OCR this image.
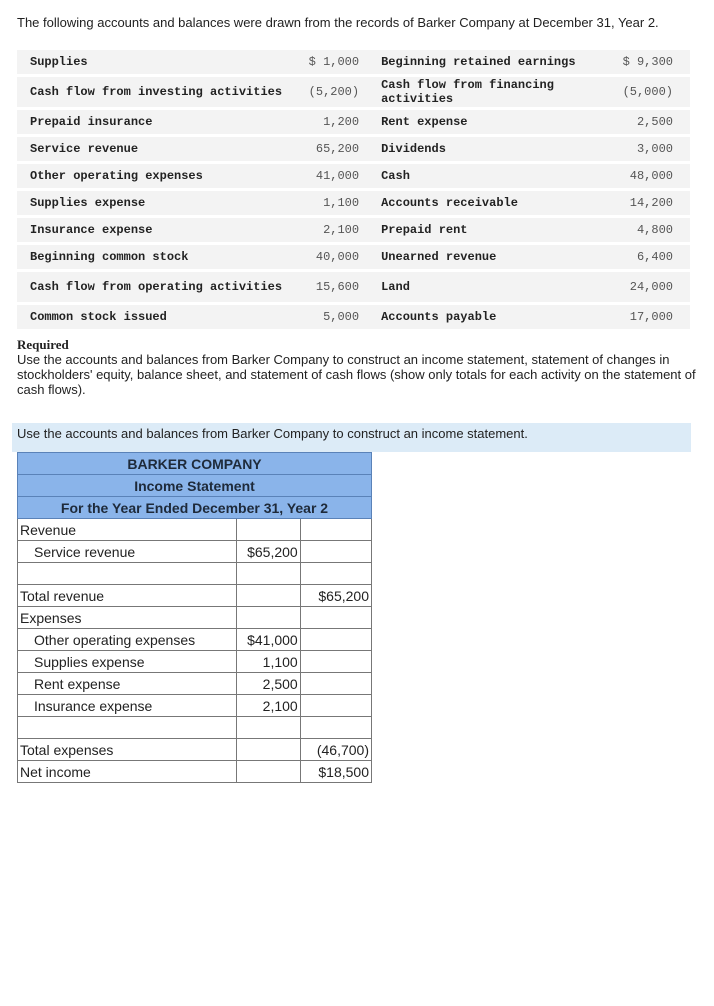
The following accounts and balances were drawn from the records of Barker Company at December 31, Year 2.
Supplies	$ 1,000	Beginning retained earnings	$ 9,300
Cash flow from investing activities	(5,200)	Cash flow from financing activities	(5,000)
Prepaid insurance	1,200	Rent expense	2,500
Service revenue	65,200	Dividends	3,000
Other operating expenses	41,000	Cash	48,000
Supplies expense	1,100	Accounts receivable	14,200
Insurance expense	2,100	Prepaid rent	4,800
Beginning common stock	40,000	Unearned revenue	6,400
Cash flow from operating activities	15,600	Land	24,000
Common stock issued	5,000	Accounts payable	17,000
Required
Use the accounts and balances from Barker Company to construct an income statement, statement of changes in stockholders' equity, balance sheet, and statement of cash flows (show only totals for each activity on the statement of cash flows).
Use the accounts and balances from Barker Company to construct an income statement.
BARKER COMPANY		
Income Statement		
For the Year Ended December 31, Year 2		
Revenue		
Service revenue	$65,200	

Total revenue		$65,200
Expenses		
Other operating expenses	$41,000	
Supplies expense	1,100	
Rent expense	2,500	
Insurance expense	2,100	

Total expenses		(46,700)
Net income		$18,500
